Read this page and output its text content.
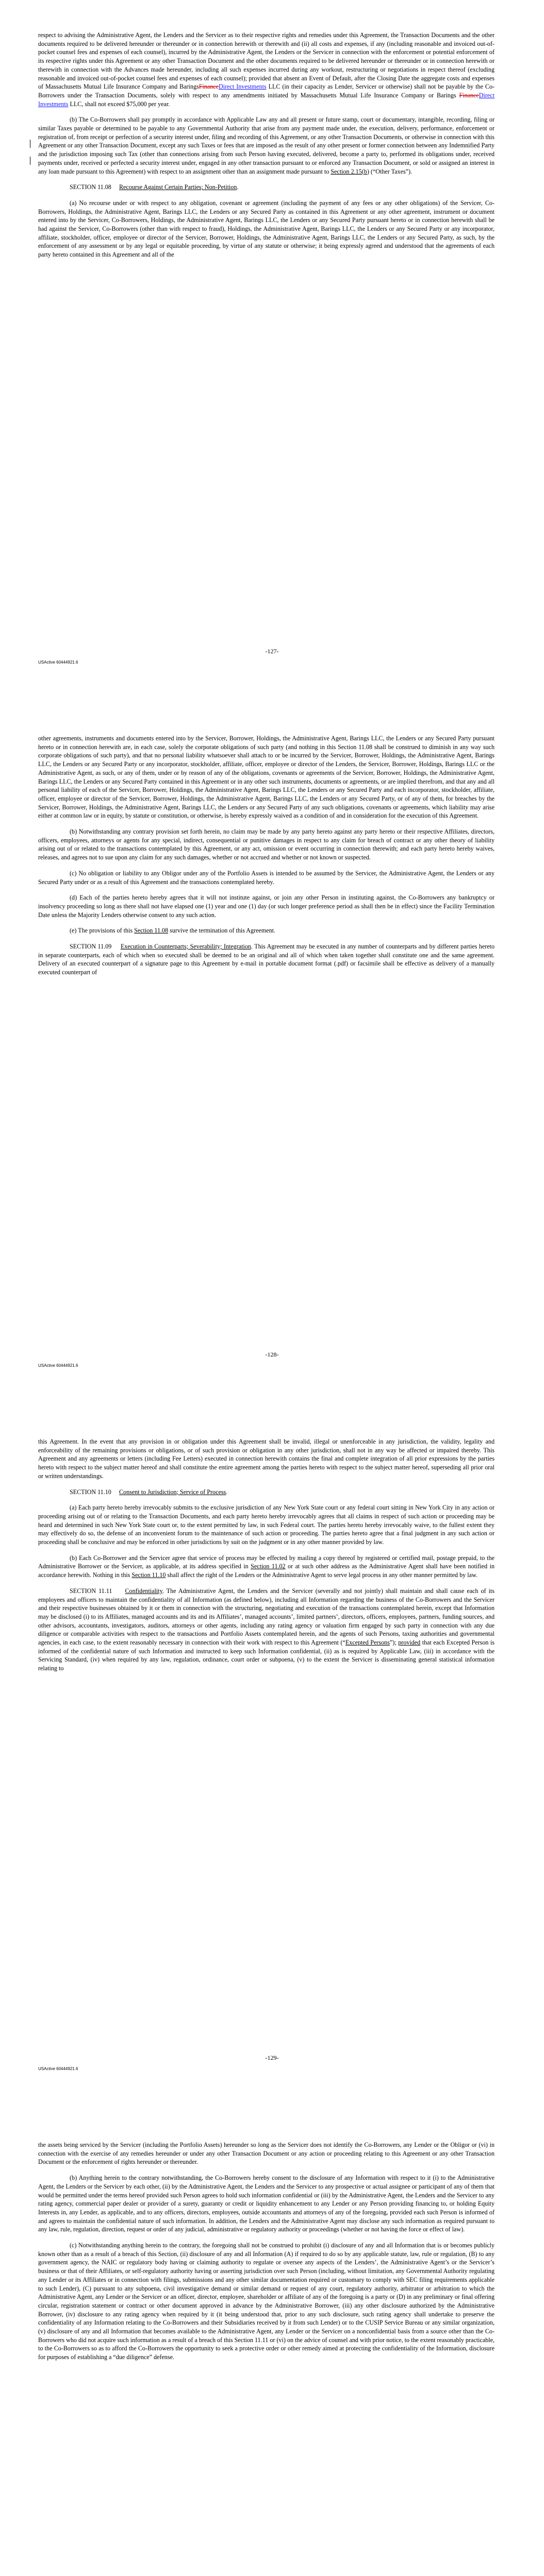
respect to advising the Administrative Agent, the Lenders and the Servicer as to their respective rights and remedies under this Agreement, the Transaction Documents and the other documents required to be delivered hereunder or thereunder or in connection herewith or therewith and (ii) all costs and expenses, if any (including reasonable and invoiced out-of-pocket counsel fees and expenses of each counsel), incurred by the Administrative Agent, the Lenders or the Servicer in connection with the enforcement or potential enforcement of its respective rights under this Agreement or any other Transaction Document and the other documents required to be delivered hereunder or thereunder or in connection herewith or therewith in connection with the Advances made hereunder, including all such expenses incurred during any workout, restructuring or negotiations in respect thereof (excluding reasonable and invoiced out-of-pocket counsel fees and expenses of each counsel); provided that absent an Event of Default, after the Closing Date the aggregate costs and expenses of Massachusetts Mutual Life Insurance Company and BaringsFinanceDirect Investments LLC (in their capacity as Lender, Servicer or otherwise) shall not be payable by the Co-Borrowers under the Transaction Documents, solely with respect to any amendments initiated by Massachusetts Mutual Life Insurance Company or Barings FinanceDirect Investments LLC, shall not exceed $75,000 per year.

(b) The Co-Borrowers shall pay promptly in accordance with Applicable Law any and all present or future stamp, court or documentary, intangible, recording, filing or similar Taxes payable or determined to be payable to any Governmental Authority that arise from any payment made under, the execution, delivery, performance, enforcement or registration of, from receipt or perfection of a security interest under, filing and recording of this Agreement, or any other Transaction Documents, or otherwise in connection with this Agreement or any other Transaction Document, except any such Taxes or fees that are imposed as the result of any other present or former connection between any Indemnified Party and the jurisdiction imposing such Tax (other than connections arising from such Person having executed, delivered, become a party to, performed its obligations under, received payments under, received or perfected a security interest under, engaged in any other transaction pursuant to or enforced any Transaction Document, or sold or assigned an interest in any loan made pursuant to this Agreement) with respect to an assignment other than an assignment made pursuant to Section 2.15(b) (“Other Taxes”).

SECTION 11.08 Recourse Against Certain Parties; Non-Petition.

(a) No recourse under or with respect to any obligation, covenant or agreement (including the payment of any fees or any other obligations) of the Servicer, Co-Borrowers, Holdings, the Administrative Agent, Barings LLC, the Lenders or any Secured Party as contained in this Agreement or any other agreement, instrument or document entered into by the Servicer, Co-Borrowers, Holdings, the Administrative Agent, Barings LLC, the Lenders or any Secured Party pursuant hereto or in connection herewith shall be had against the Servicer, Co-Borrowers (other than with respect to fraud), Holdings, the Administrative Agent, Barings LLC, the Lenders or any Secured Party or any incorporator, affiliate, stockholder, officer, employee or director of the Servicer, Borrower, Holdings, the Administrative Agent, Barings LLC, the Lenders or any Secured Party, as such, by the enforcement of any assessment or by any legal or equitable proceeding, by virtue of any statute or otherwise; it being expressly agreed and understood that the agreements of each party hereto contained in this Agreement and all of the

-127-
USActive 60444921.6

other agreements, instruments and documents entered into by the Servicer, Borrower, Holdings, the Administrative Agent, Barings LLC, the Lenders or any Secured Party pursuant hereto or in connection herewith are, in each case, solely the corporate obligations of such party (and nothing in this Section 11.08 shall be construed to diminish in any way such corporate obligations of such party), and that no personal liability whatsoever shall attach to or be incurred by the Servicer, Borrower, Holdings, the Administrative Agent, Barings LLC, the Lenders or any Secured Party or any incorporator, stockholder, affiliate, officer, employee or director of the Lenders, the Servicer, Borrower, Holdings, Barings LLC or the Administrative Agent, as such, or any of them, under or by reason of any of the obligations, covenants or agreements of the Servicer, Borrower, Holdings, the Administrative Agent, Barings LLC, the Lenders or any Secured Party contained in this Agreement or in any other such instruments, documents or agreements, or are implied therefrom, and that any and all personal liability of each of the Servicer, Borrower, Holdings, the Administrative Agent, Barings LLC, the Lenders or any Secured Party and each incorporator, stockholder, affiliate, officer, employee or director of the Servicer, Borrower, Holdings, the Administrative Agent, Barings LLC, the Lenders or any Secured Party, or of any of them, for breaches by the Servicer, Borrower, Holdings, the Administrative Agent, Barings LLC, the Lenders or any Secured Party of any such obligations, covenants or agreements, which liability may arise either at common law or in equity, by statute or constitution, or otherwise, is hereby expressly waived as a condition of and in consideration for the execution of this Agreement.

(b) Notwithstanding any contrary provision set forth herein, no claim may be made by any party hereto against any party hereto or their respective Affiliates, directors, officers, employees, attorneys or agents for any special, indirect, consequential or punitive damages in respect to any claim for breach of contract or any other theory of liability arising out of or related to the transactions contemplated by this Agreement, or any act, omission or event occurring in connection therewith; and each party hereto hereby waives, releases, and agrees not to sue upon any claim for any such damages, whether or not accrued and whether or not known or suspected.

(c) No obligation or liability to any Obligor under any of the Portfolio Assets is intended to be assumed by the Servicer, the Administrative Agent, the Lenders or any Secured Party under or as a result of this Agreement and the transactions contemplated hereby.

(d) Each of the parties hereto hereby agrees that it will not institute against, or join any other Person in instituting against, the Co-Borrowers any bankruptcy or insolvency proceeding so long as there shall not have elapsed one (1) year and one (1) day (or such longer preference period as shall then be in effect) since the Facility Termination Date unless the Majority Lenders otherwise consent to any such action.

(e) The provisions of this Section 11.08 survive the termination of this Agreement.

SECTION 11.09 Execution in Counterparts; Severability; Integration. This Agreement may be executed in any number of counterparts and by different parties hereto in separate counterparts, each of which when so executed shall be deemed to be an original and all of which when taken together shall constitute one and the same agreement. Delivery of an executed counterpart of a signature page to this Agreement by e-mail in portable document format (.pdf) or facsimile shall be effective as delivery of a manually executed counterpart of

-128-
USActive 60444921.6

this Agreement. In the event that any provision in or obligation under this Agreement shall be invalid, illegal or unenforceable in any jurisdiction, the validity, legality and enforceability of the remaining provisions or obligations, or of such provision or obligation in any other jurisdiction, shall not in any way be affected or impaired thereby. This Agreement and any agreements or letters (including Fee Letters) executed in connection herewith contains the final and complete integration of all prior expressions by the parties hereto with respect to the subject matter hereof and shall constitute the entire agreement among the parties hereto with respect to the subject matter hereof, superseding all prior oral or written understandings.

SECTION 11.10 Consent to Jurisdiction; Service of Process.

(a) Each party hereto hereby irrevocably submits to the exclusive jurisdiction of any New York State court or any federal court sitting in New York City in any action or proceeding arising out of or relating to the Transaction Documents, and each party hereto hereby irrevocably agrees that all claims in respect of such action or proceeding may be heard and determined in such New York State court or, to the extent permitted by law, in such Federal court. The parties hereto hereby irrevocably waive, to the fullest extent they may effectively do so, the defense of an inconvenient forum to the maintenance of such action or proceeding. The parties hereto agree that a final judgment in any such action or proceeding shall be conclusive and may be enforced in other jurisdictions by suit on the judgment or in any other manner provided by law.

(b) Each Co-Borrower and the Servicer agree that service of process may be effected by mailing a copy thereof by registered or certified mail, postage prepaid, to the Administrative Borrower or the Servicer, as applicable, at its address specified in Section 11.02 or at such other address as the Administrative Agent shall have been notified in accordance herewith. Nothing in this Section 11.10 shall affect the right of the Lenders or the Administrative Agent to serve legal process in any other manner permitted by law.

SECTION 11.11 Confidentiality. The Administrative Agent, the Lenders and the Servicer (severally and not jointly) shall maintain and shall cause each of its employees and officers to maintain the confidentiality of all Information (as defined below), including all Information regarding the business of the Co-Borrowers and the Servicer and their respective businesses obtained by it or them in connection with the structuring, negotiating and execution of the transactions contemplated herein, except that Information may be disclosed (i) to its Affiliates, managed accounts and its and its Affiliates’, managed accounts’, limited partners’, directors, officers, employees, partners, funding sources, and other advisors, accountants, investigators, auditors, attorneys or other agents, including any rating agency or valuation firm engaged by such party in connection with any due diligence or comparable activities with respect to the transactions and Portfolio Assets contemplated herein, and the agents of such Persons, taxing authorities and governmental agencies, in each case, to the extent reasonably necessary in connection with their work with respect to this Agreement (“Excepted Persons”); provided that each Excepted Person is informed of the confidential nature of such Information and instructed to keep such Information confidential, (ii) as is required by Applicable Law, (iii) in accordance with the Servicing Standard, (iv) when required by any law, regulation, ordinance, court order or subpoena, (v) to the extent the Servicer is disseminating general statistical information relating to

-129-
USActive 60444921.6

the assets being serviced by the Servicer (including the Portfolio Assets) hereunder so long as the Servicer does not identify the Co-Borrowers, any Lender or the Obligor or (vi) in connection with the exercise of any remedies hereunder or under any other Transaction Document or any action or proceeding relating to this Agreement or any other Transaction Document or the enforcement of rights hereunder or thereunder.

(b) Anything herein to the contrary notwithstanding, the Co-Borrowers hereby consent to the disclosure of any Information with respect to it (i) to the Administrative Agent, the Lenders or the Servicer by each other, (ii) by the Administrative Agent, the Lenders and the Servicer to any prospective or actual assignee or participant of any of them that would be permitted under the terms hereof provided such Person agrees to hold such information confidential or (iii) by the Administrative Agent, the Lenders and the Servicer to any rating agency, commercial paper dealer or provider of a surety, guaranty or credit or liquidity enhancement to any Lender or any Person providing financing to, or holding Equity Interests in, any Lender, as applicable, and to any officers, directors, employees, outside accountants and attorneys of any of the foregoing, provided each such Person is informed of and agrees to maintain the confidential nature of such information. In addition, the Lenders and the Administrative Agent may disclose any such information as required pursuant to any law, rule, regulation, direction, request or order of any judicial, administrative or regulatory authority or proceedings (whether or not having the force or effect of law).

(c) Notwithstanding anything herein to the contrary, the foregoing shall not be construed to prohibit (i) disclosure of any and all Information that is or becomes publicly known other than as a result of a breach of this Section, (ii) disclosure of any and all Information (A) if required to do so by any applicable statute, law, rule or regulation, (B) to any government agency, the NAIC or regulatory body having or claiming authority to regulate or oversee any aspects of the Lenders’, the Administrative Agent’s or the Servicer’s business or that of their Affiliates, or self-regulatory authority having or asserting jurisdiction over such Person (including, without limitation, any Governmental Authority regulating any Lender or its Affiliates or in connection with filings, submissions and any other similar documentation required or customary to comply with SEC filing requirements applicable to such Lender), (C) pursuant to any subpoena, civil investigative demand or similar demand or request of any court, regulatory authority, arbitrator or arbitration to which the Administrative Agent, any Lender or the Servicer or an officer, director, employee, shareholder or affiliate of any of the foregoing is a party or (D) in any preliminary or final offering circular, registration statement or contract or other document approved in advance by the Administrative Borrower, (iii) any other disclosure authorized by the Administrative Borrower, (iv) disclosure to any rating agency when required by it (it being understood that, prior to any such disclosure, such rating agency shall undertake to preserve the confidentiality of any Information relating to the Co-Borrowers and their Subsidiaries received by it from such Lender) or to the CUSIP Service Bureau or any similar organization, (v) disclosure of any and all Information that becomes available to the Administrative Agent, any Lender or the Servicer on a nonconfidential basis from a source other than the Co-Borrowers who did not acquire such information as a result of a breach of this Section 11.11 or (vi) on the advice of counsel and with prior notice, to the extent reasonably practicable, to the Co-Borrowers so as to afford the Co-Borrowers the opportunity to seek a protective order or other remedy aimed at protecting the confidentiality of the Information, disclosure for purposes of establishing a “due diligence” defense.
